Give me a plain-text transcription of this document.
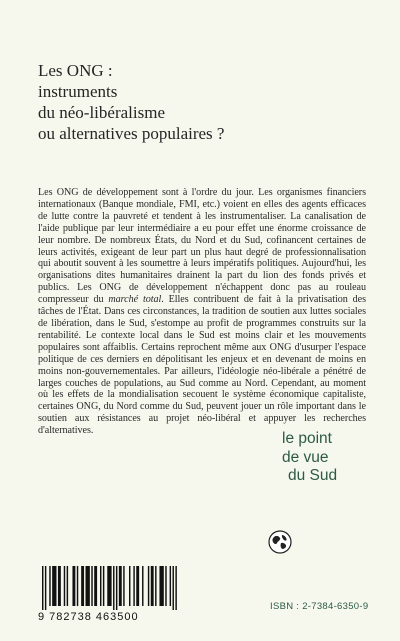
Les ONG :
instruments
du néo-libéralisme
ou alternatives populaires ?
Les ONG de développement sont à l'ordre du jour. Les organismes financiers internationaux (Banque mondiale, FMI, etc.) voient en elles des agents efficaces de lutte contre la pauvreté et tendent à les instrumentaliser. La canalisation de l'aide publique par leur intermédiaire a eu pour effet une énorme croissance de leur nombre. De nombreux États, du Nord et du Sud, cofinancent certaines de leurs activités, exigeant de leur part un plus haut degré de professionnalisation qui aboutit souvent à les soumettre à leurs impératifs politiques. Aujourd'hui, les organisations dites humanitaires drainent la part du lion des fonds privés et publics. Les ONG de développement n'échappent donc pas au rouleau compresseur du marché total. Elles contribuent de fait à la privatisation des tâches de l'État. Dans ces circonstances, la tradition de soutien aux luttes sociales de libération, dans le Sud, s'estompe au profit de programmes construits sur la rentabilité. Le contexte local dans le Sud est moins clair et les mouvements populaires sont affaiblis. Certains reprochent même aux ONG d'usurper l'espace politique de ces derniers en dépolitisant les enjeux et en devenant de moins en moins non-gouvernementales. Par ailleurs, l'idéologie néo-libérale a pénétré de larges couches de populations, au Sud comme au Nord. Cependant, au moment où les effets de la mondialisation secouent le système économique capitaliste, certaines ONG, du Nord comme du Sud, peuvent jouer un rôle important dans le soutien aux résistances au projet néo-libéral et appuyer les recherches d'alternatives.	le point
de vue
du Sud
9 782738 463500
ISBN : 2-7384-6350-9
